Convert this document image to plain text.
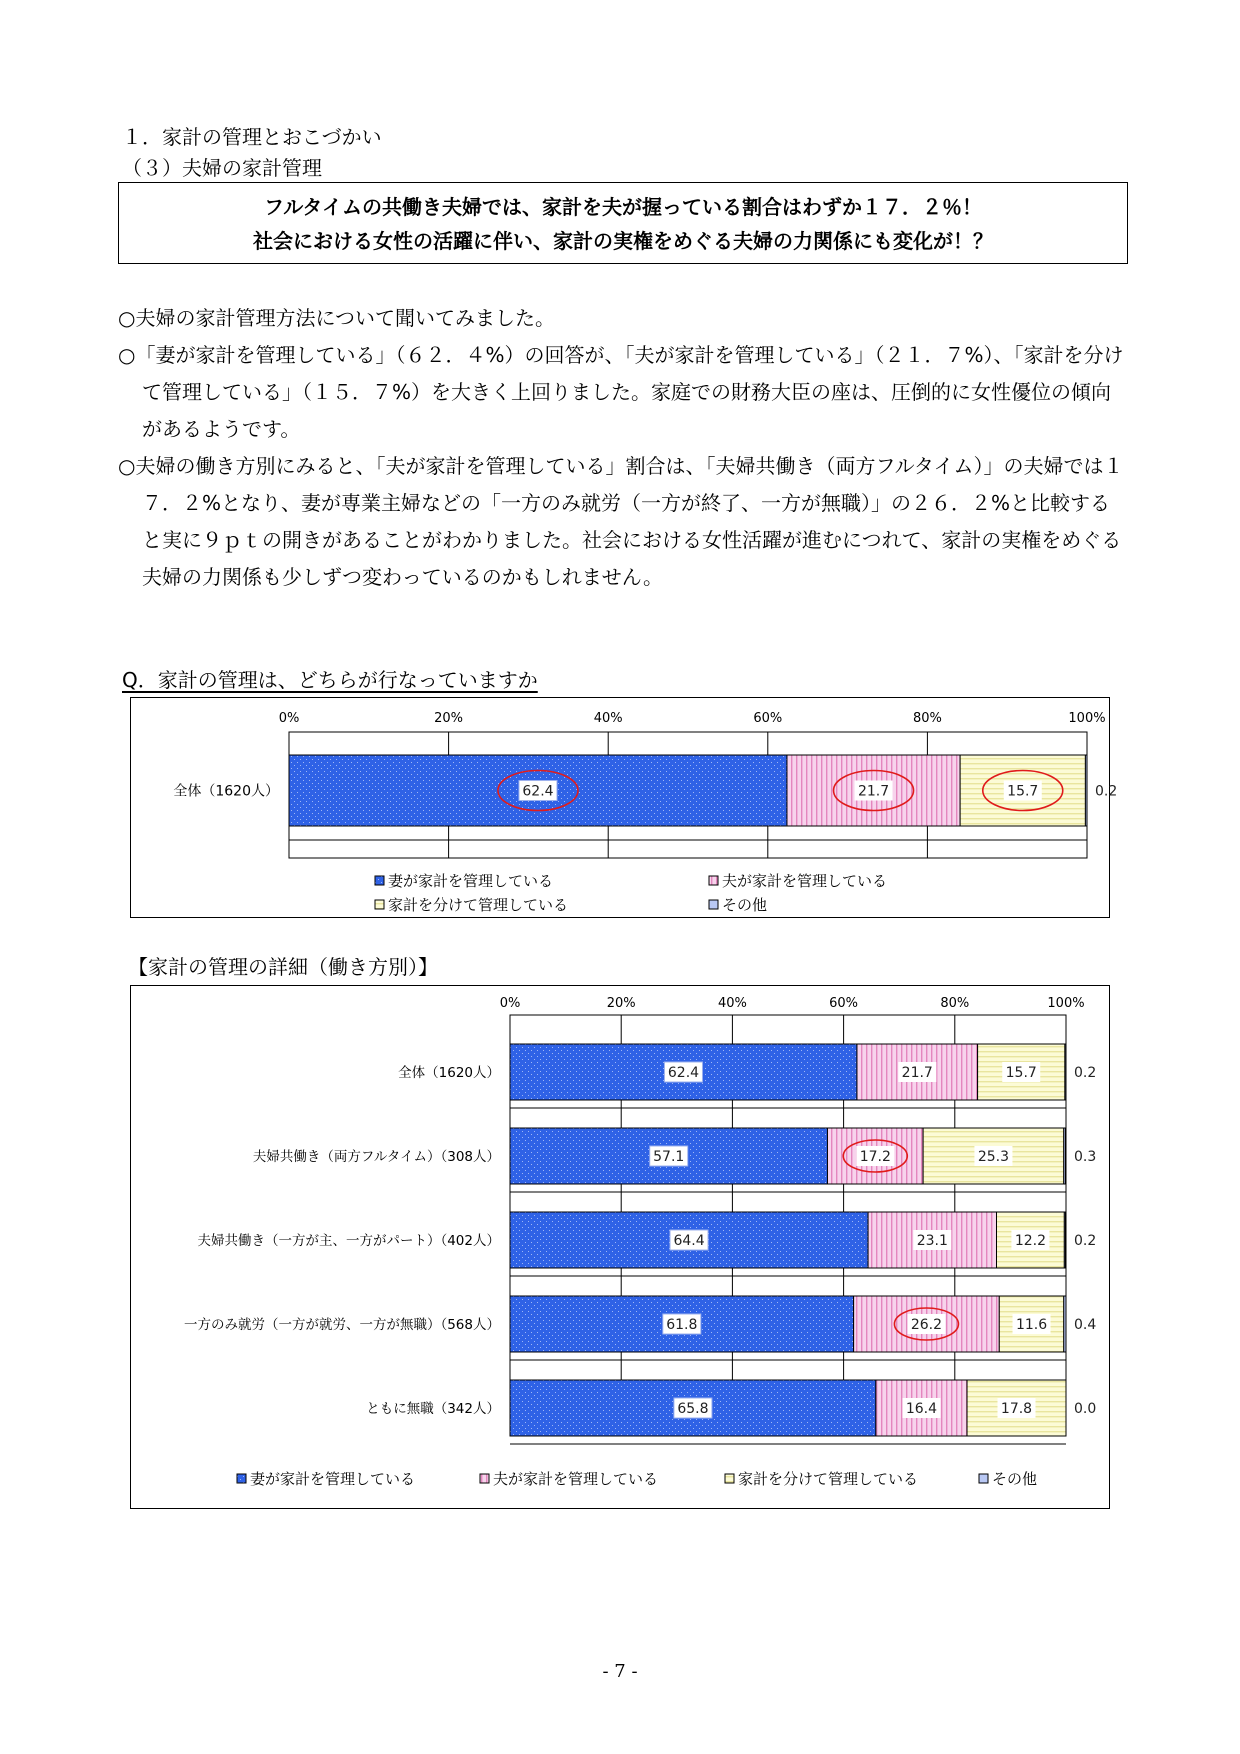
１．家計の管理とおこづかい
（３）夫婦の家計管理

フルタイムの共働き夫婦では、家計を夫が握っている割合はわずか１７．２％！

社会における女性の活躍に伴い、家計の実権をめぐる夫婦の力関係にも変化が！？

○夫婦の家計管理方法について聞いてみました。

○「妻が家計を管理している」（６２．４%）の回答が、「夫が家計を管理している」（２１．７%）、「家計を分けて管理している」（１５．７%）を大きく上回りました。家庭での財務大臣の座は、圧倒的に女性優位の傾向があるようです。

○夫婦の働き方別にみると、「夫が家計を管理している」割合は、「夫婦共働き（両方フルタイム）」の夫婦では１７．２%となり、妻が専業主婦などの「一方のみ就労（一方が終了、一方が無職）」の２６．２%と比較すると実に９ｐｔの開きがあることがわかりました。社会における女性活躍が進むにつれて、家計の実権をめぐる夫婦の力関係も少しずつ変わっているのかもしれません。

Q．家計の管理は、どちらが行なっていますか
0%	20%	40%	60%	80%	100%
全体（1620人）	62.4	21.7	15.7	0.2
妻が家計を管理している	夫が家計を管理している
家計を分けて管理している	その他
【家計の管理の詳細（働き方別）】
0%	20%	40%	60%	80%	100%
全体（1620人）	62.4	21.7	15.7	0.2
夫婦共働き（両方フルタイム）（308人）	57.1	17.2	25.3	0.3
夫婦共働き（一方が主、一方がパート）（402人）	64.4	23.1	12.2 0.2
一方のみ就労（一方が就労、一方が無職）（568人）	61.8	26.2	11.6 0.4
ともに無職（342人）	65.8	16.4	17.8	0.0
妻が家計を管理している	夫が家計を管理している	家計を分けて管理している	その他
- 7 -
